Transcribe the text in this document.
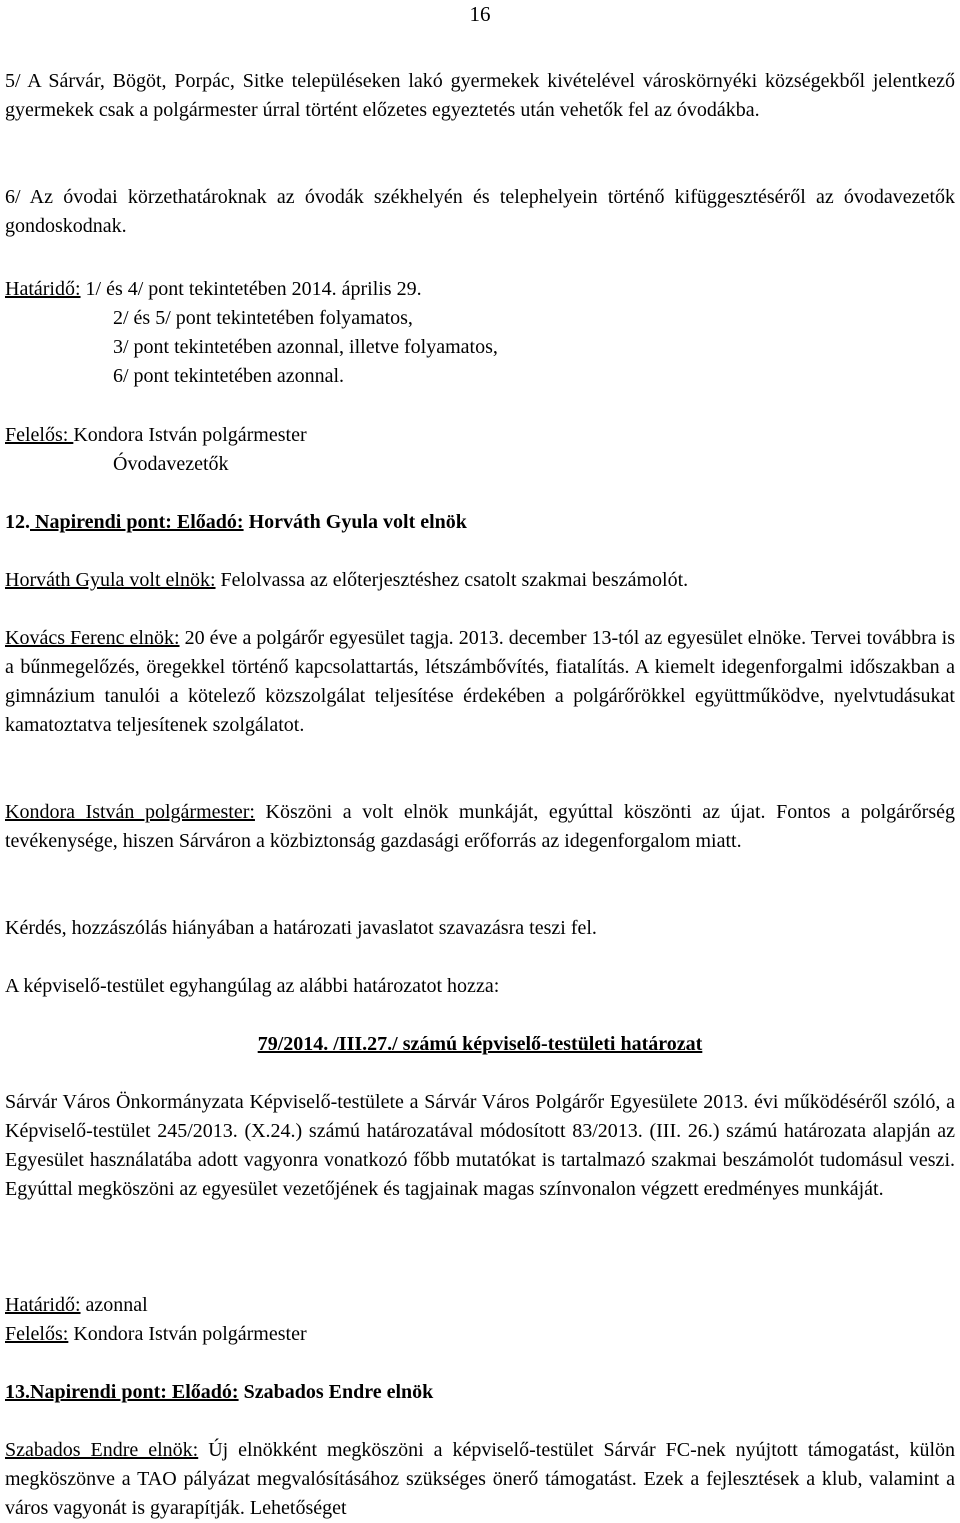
16
5/ A Sárvár, Bögöt, Porpác, Sitke településeken lakó gyermekek kivételével városkörnyéki községekből jelentkező gyermekek csak a polgármester úrral történt előzetes egyeztetés után vehetők fel az óvodákba.
6/ Az óvodai körzethatároknak az óvodák székhelyén és telephelyein történő kifüggesztéséről az óvodavezetők gondoskodnak.
Határidő: 1/ és 4/ pont tekintetében 2014. április 29.
2/ és 5/ pont tekintetében folyamatos,
3/ pont tekintetében azonnal, illetve folyamatos,
6/ pont tekintetében azonnal.
Felelős: Kondora István polgármester
Óvodavezetők
12. Napirendi pont: Előadó: Horváth Gyula volt elnök
Horváth Gyula volt elnök: Felolvassa az előterjesztéshez csatolt szakmai beszámolót.
Kovács Ferenc elnök: 20 éve a polgárőr egyesület tagja. 2013. december 13-tól az egyesület elnöke. Tervei továbbra is a bűnmegelőzés, öregekkel történő kapcsolattartás, létszámbővítés, fiatalítás. A kiemelt idegenforgalmi időszakban a gimnázium tanulói a kötelező közszolgálat teljesítése érdekében a polgárőrökkel együttműködve, nyelvtudásukat kamatoztatva teljesítenek szolgálatot.
Kondora István polgármester: Köszöni a volt elnök munkáját, egyúttal köszönti az újat. Fontos a polgárőrség tevékenysége, hiszen Sárváron a közbiztonság gazdasági erőforrás az idegenforgalom miatt.
Kérdés, hozzászólás hiányában a határozati javaslatot szavazásra teszi fel.
A képviselő-testület egyhangúlag az alábbi határozatot hozza:
79/2014. /III.27./ számú képviselő-testületi határozat
Sárvár Város Önkormányzata Képviselő-testülete a Sárvár Város Polgárőr Egyesülete 2013. évi működéséről szóló, a Képviselő-testület 245/2013. (X.24.) számú határozatával módosított 83/2013. (III. 26.) számú határozata alapján az Egyesület használatába adott vagyonra vonatkozó főbb mutatókat is tartalmazó szakmai beszámolót tudomásul veszi. Egyúttal megköszöni az egyesület vezetőjének és tagjainak magas színvonalon végzett eredményes munkáját.
Határidő: azonnal
Felelős: Kondora István polgármester
13.Napirendi pont: Előadó: Szabados Endre elnök
Szabados Endre elnök: Új elnökként megköszöni a képviselő-testület Sárvár FC-nek nyújtott támogatást, külön megköszönve a TAO pályázat megvalósításához szükséges önerő támogatást. Ezek a fejlesztések a klub, valamint a város vagyonát is gyarapítják. Lehetőséget
